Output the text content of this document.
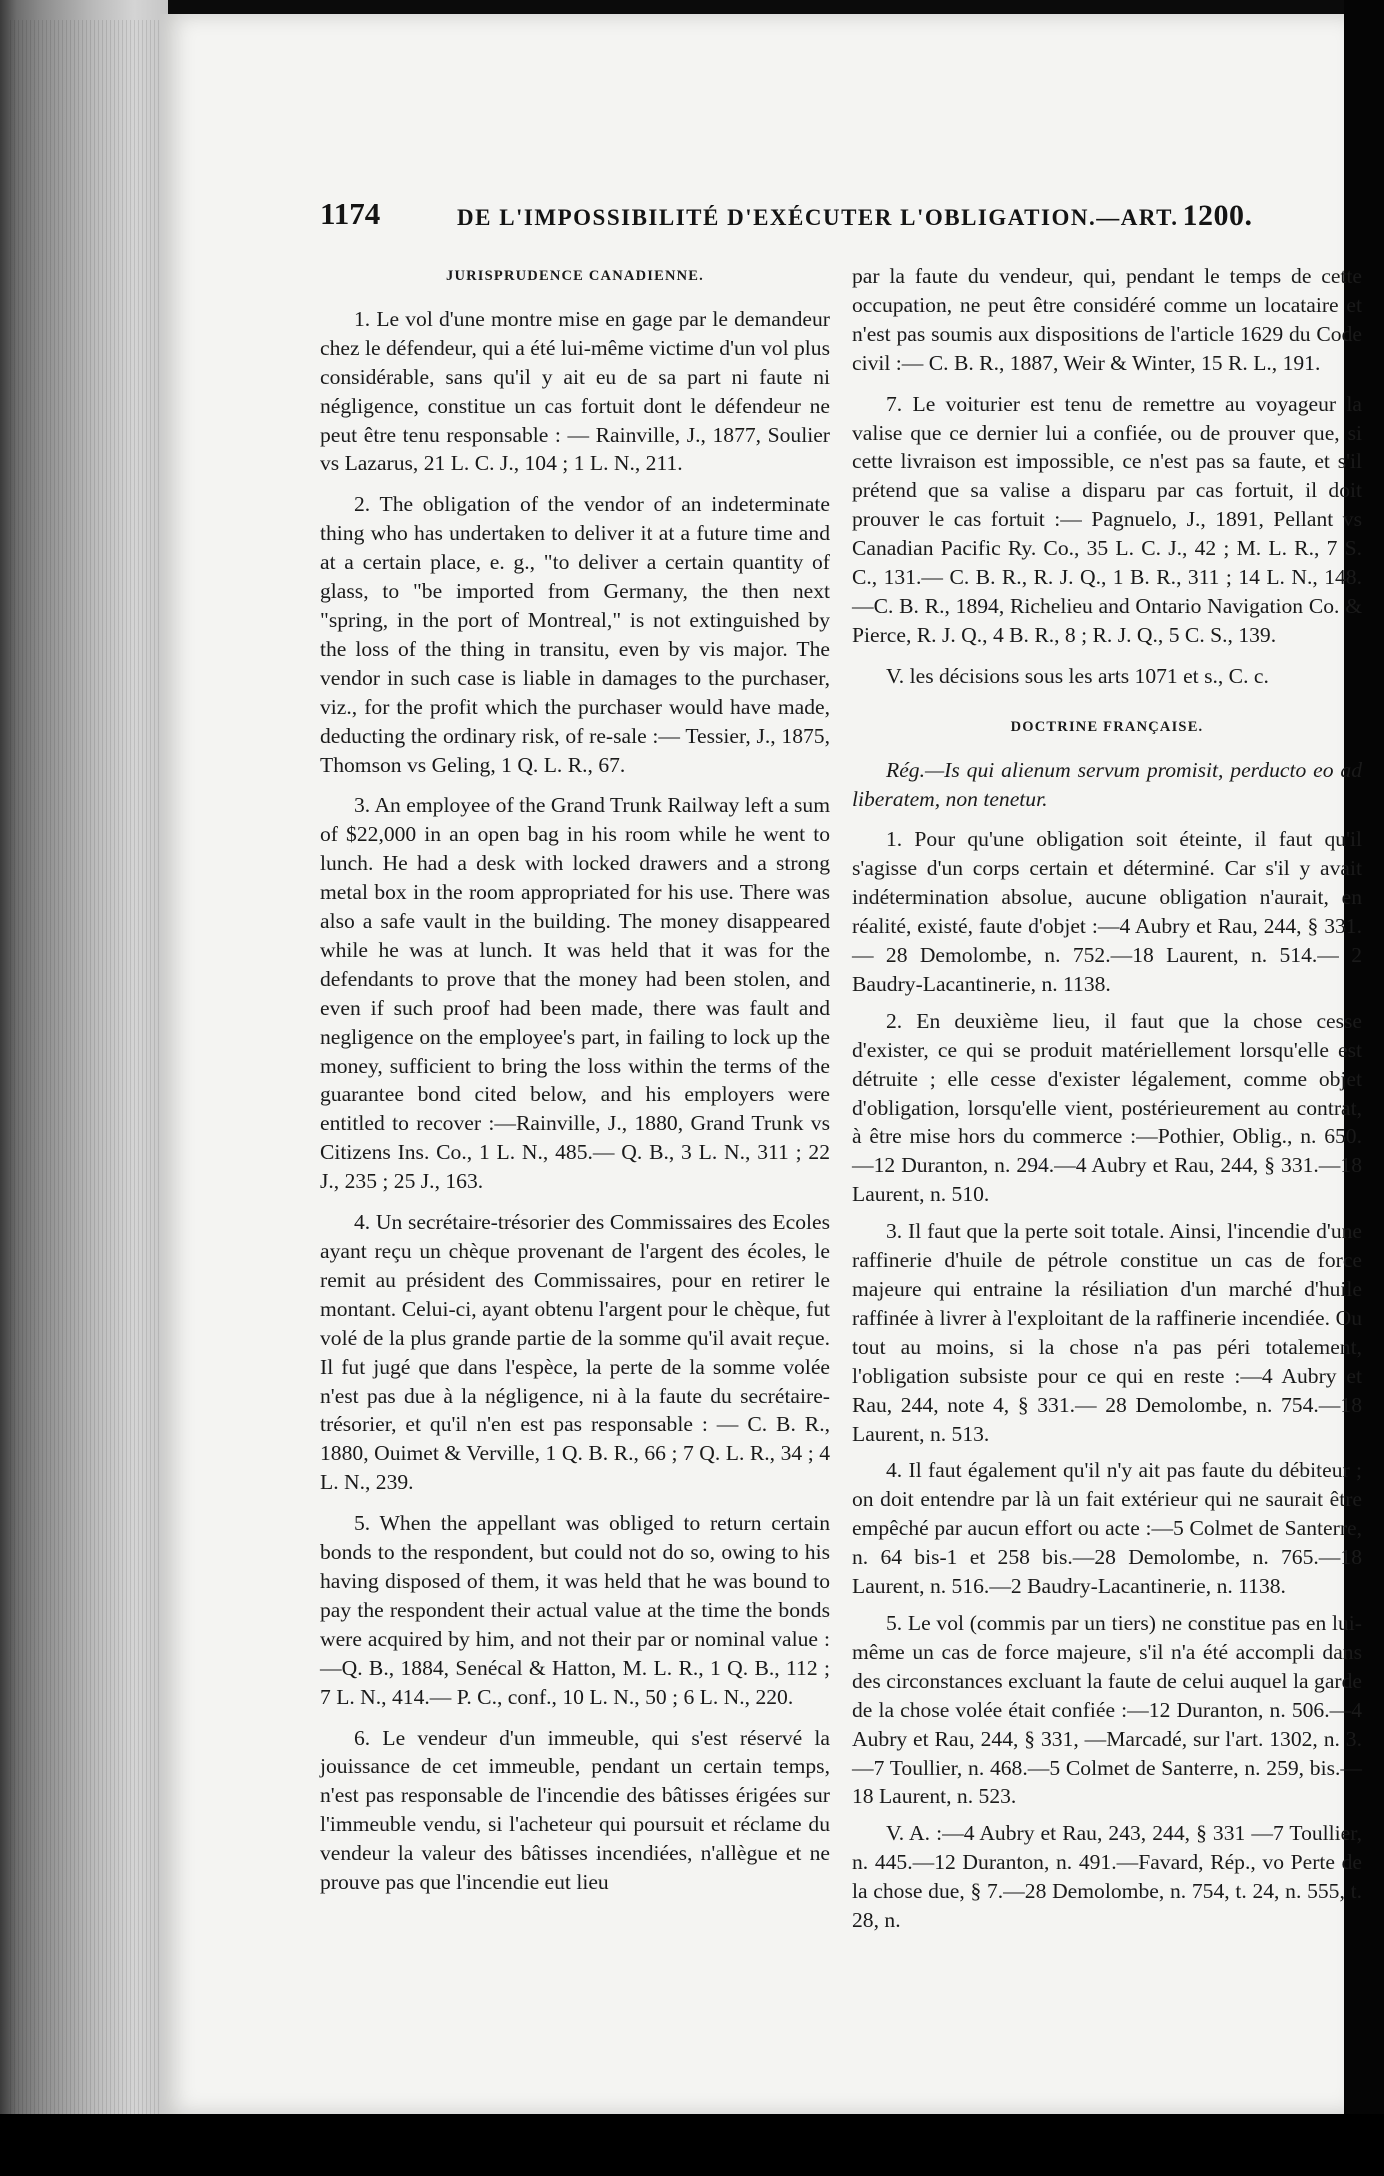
1174	DE L'IMPOSSIBILITÉ D'EXÉCUTER L'OBLIGATION.—ART. 1200.
JURISPRUDENCE CANADIENNE.

1. Le vol d'une montre mise en gage par le demandeur chez le défendeur, qui a été lui-même victime d'un vol plus considérable, sans qu'il y ait eu de sa part ni faute ni négligence, constitue un cas fortuit dont le défendeur ne peut être tenu responsable : — Rainville, J., 1877, Soulier vs Lazarus, 21 L. C. J., 104 ; 1 L. N., 211.

2. The obligation of the vendor of an indeterminate thing who has undertaken to deliver it at a future time and at a certain place, e. g., "to deliver a certain quantity of glass, to "be imported from Germany, the then next "spring, in the port of Montreal," is not extinguished by the loss of the thing in transitu, even by vis major. The vendor in such case is liable in damages to the purchaser, viz., for the profit which the purchaser would have made, deducting the ordinary risk, of re-sale :— Tessier, J., 1875, Thomson vs Geling, 1 Q. L. R., 67.

3. An employee of the Grand Trunk Railway left a sum of $22,000 in an open bag in his room while he went to lunch. He had a desk with locked drawers and a strong metal box in the room appropriated for his use. There was also a safe vault in the building. The money disappeared while he was at lunch. It was held that it was for the defendants to prove that the money had been stolen, and even if such proof had been made, there was fault and negligence on the employee's part, in failing to lock up the money, sufficient to bring the loss within the terms of the guarantee bond cited below, and his employers were entitled to recover :—Rainville, J., 1880, Grand Trunk vs Citizens Ins. Co., 1 L. N., 485.— Q. B., 3 L. N., 311 ; 22 J., 235 ; 25 J., 163.

4. Un secrétaire-trésorier des Commissaires des Ecoles ayant reçu un chèque provenant de l'argent des écoles, le remit au président des Commissaires, pour en retirer le montant. Celui-ci, ayant obtenu l'argent pour le chèque, fut volé de la plus grande partie de la somme qu'il avait reçue. Il fut jugé que dans l'espèce, la perte de la somme volée n'est pas due à la négligence, ni à la faute du secrétaire-trésorier, et qu'il n'en est pas responsable : — C. B. R., 1880, Ouimet & Verville, 1 Q. B. R., 66 ; 7 Q. L. R., 34 ; 4 L. N., 239.

5. When the appellant was obliged to return certain bonds to the respondent, but could not do so, owing to his having disposed of them, it was held that he was bound to pay the respondent their actual value at the time the bonds were acquired by him, and not their par or nominal value :—Q. B., 1884, Senécal & Hatton, M. L. R., 1 Q. B., 112 ; 7 L. N., 414.— P. C., conf., 10 L. N., 50 ; 6 L. N., 220.

6. Le vendeur d'un immeuble, qui s'est réservé la jouissance de cet immeuble, pendant un certain temps, n'est pas responsable de l'incendie des bâtisses érigées sur l'immeuble vendu, si l'acheteur qui poursuit et réclame du vendeur la valeur des bâtisses incendiées, n'allègue et ne prouve pas que l'incendie eut lieu

par la faute du vendeur, qui, pendant le temps de cette occupation, ne peut être considéré comme un locataire et n'est pas soumis aux dispositions de l'article 1629 du Code civil :— C. B. R., 1887, Weir & Winter, 15 R. L., 191.

7. Le voiturier est tenu de remettre au voyageur la valise que ce dernier lui a confiée, ou de prouver que, si cette livraison est impossible, ce n'est pas sa faute, et s'il prétend que sa valise a disparu par cas fortuit, il doit prouver le cas fortuit :— Pagnuelo, J., 1891, Pellant vs Canadian Pacific Ry. Co., 35 L. C. J., 42 ; M. L. R., 7 S. C., 131.— C. B. R., R. J. Q., 1 B. R., 311 ; 14 L. N., 148.—C. B. R., 1894, Richelieu and Ontario Navigation Co. & Pierce, R. J. Q., 4 B. R., 8 ; R. J. Q., 5 C. S., 139.

V. les décisions sous les arts 1071 et s., C. c.

DOCTRINE FRANÇAISE.

Rég.—Is qui alienum servum promisit, perducto eo ad liberatem, non tenetur.

1. Pour qu'une obligation soit éteinte, il faut qu'il s'agisse d'un corps certain et déterminé. Car s'il y avait indétermination absolue, aucune obligation n'aurait, en réalité, existé, faute d'objet :—4 Aubry et Rau, 244, § 331.— 28 Demolombe, n. 752.—18 Laurent, n. 514.— 2 Baudry-Lacantinerie, n. 1138.

2. En deuxième lieu, il faut que la chose cesse d'exister, ce qui se produit matériellement lorsqu'elle est détruite ; elle cesse d'exister légalement, comme objet d'obligation, lorsqu'elle vient, postérieurement au contrat, à être mise hors du commerce :—Pothier, Oblig., n. 650.—12 Duranton, n. 294.—4 Aubry et Rau, 244, § 331.—18 Laurent, n. 510.

3. Il faut que la perte soit totale. Ainsi, l'incendie d'une raffinerie d'huile de pétrole constitue un cas de force majeure qui entraine la résiliation d'un marché d'huile raffinée à livrer à l'exploitant de la raffinerie incendiée. Ou tout au moins, si la chose n'a pas péri totalement, l'obligation subsiste pour ce qui en reste :—4 Aubry et Rau, 244, note 4, § 331.— 28 Demolombe, n. 754.—18 Laurent, n. 513.

4. Il faut également qu'il n'y ait pas faute du débiteur ; on doit entendre par là un fait extérieur qui ne saurait être empêché par aucun effort ou acte :—5 Colmet de Santerre, n. 64 bis-1 et 258 bis.—28 Demolombe, n. 765.—18 Laurent, n. 516.—2 Baudry-Lacantinerie, n. 1138.

5. Le vol (commis par un tiers) ne constitue pas en lui-même un cas de force majeure, s'il n'a été accompli dans des circonstances excluant la faute de celui auquel la garde de la chose volée était confiée :—12 Duranton, n. 506.—4 Aubry et Rau, 244, § 331, —Marcadé, sur l'art. 1302, n. 3.—7 Toullier, n. 468.—5 Colmet de Santerre, n. 259, bis.—18 Laurent, n. 523.

V. A. :—4 Aubry et Rau, 243, 244, § 331 —7 Toullier, n. 445.—12 Duranton, n. 491.—Favard, Rép., vo Perte de la chose due, § 7.—28 Demolombe, n. 754, t. 24, n. 555, t. 28, n.
